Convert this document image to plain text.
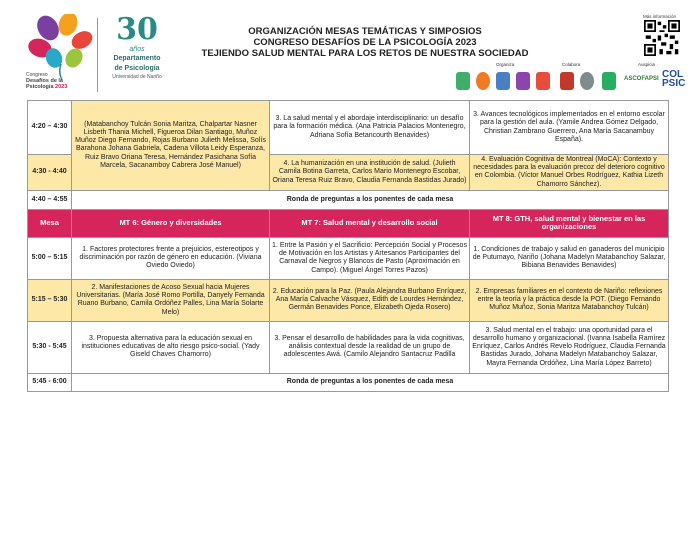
Congreso
Desafíos de la
Psicología 2023
30
años
Departamento
de Psicología
Universidad de Nariño
ORGANIZACIÓN MESAS TEMÁTICAS Y SIMPOSIOS
CONGRESO DESAFÍOS DE LA PSICOLOGÍA 2023
TEJIENDO SALUD MENTAL PARA LOS RETOS DE NUESTRA SOCIEDAD
Más información
Organiza	Colabora	Auspicia
ASCOFAPSI COL
PSIC
4:20 – 4:30	(Matabanchoy Tulcán Sonia Maritza, Chalpartar Nasner Lisbeth Thania Michell, Figueroa Dilan Santiago, Muñoz Muñoz Diego Fernando, Rojas Burbano Julieth Melissa, Solís Barahona Johana Gabriela, Cadena Villota Leidy Esperanza, Ruiz Bravo Oriana Teresa, Hernández Pasichana Sofía Marcela, Sacanamboy Cabrera José Manuel)	3. La salud mental y el abordaje interdisciplinario: un desafío para la formación médica. (Ana Patricia Palacios Montenegro, Adriana Sofía Betancourth Benavides)	3. Avances tecnológicos implementados en el entorno escolar para la gestión del aula. (Yamile Andrea Gómez Delgado, Christian Zambrano Guerrero, Ana María Sacanambuy España).
4:30 - 4:40		4. La humanización en una institución de salud. (Julieth Camila Botina Garreta, Carlos Mario Montenegro Escobar, Oriana Teresa Ruiz Bravo, Claudia Fernanda Bastidas Jurado)	4. Evaluación Cognitiva de Montreal (MoCA): Contexto y necesidades para la evaluación precoz del deterioro cognitivo en Colombia. (Víctor Manuel Orbes Rodríguez, Kathia Lizeth Chamorro Sánchez).
4:40 – 4:55	Ronda de preguntas a los ponentes de cada mesa		
Mesa	MT 6: Género y diversidades	MT 7: Salud mental y desarrollo social	MT 8: GTH, salud mental y bienestar en las organizaciones
5:00 – 5:15	1. Factores protectores frente a prejuicios, estereotipos y discriminación por razón de género en educación. (Viviana Oviedo Oviedo)	1. Entre la Pasión y el Sacrificio: Percepción Social y Procesos de Motivación en los Artistas y Artesanos Participantes del Carnaval de Negros y Blancos de Pasto (Aproximación en Campo). (Miguel Ángel Torres Pazos)	1. Condiciones de trabajo y salud en ganaderos del municipio de Putumayo, Nariño (Johana Madelyn Matabanchoy Salazar, Bibiana Benavides Benavides)
5:15 – 5:30	2. Manifestaciones de Acoso Sexual hacia Mujeres Universitarias. (María José Romo Portilla, Danyely Fernanda Ruano Burbano, Camila Ordóñez Palles, Lina María Solarte Melo)	2. Educación para la Paz. (Paula Alejandra Burbano Enríquez, Ana María Calvache Vásquez, Edith de Lourdes Hernández, Germán Benavides Ponce, Elizabeth Ojeda Rosero)	2. Empresas familiares en el contexto de Nariño: reflexiones entre la teoría y la práctica desde la POT. (Diego Fernando Muñoz Muñoz, Sonia Maritza Matabanchoy Tulcán)
5:30 - 5:45	3. Propuesta alternativa para la educación sexual en instituciones educativas de alto riesgo psico-social. (Yady Giseld Chaves Chamorro)	3. Pensar el desarrollo de habilidades para la vida cognitivas, análisis contextual desde la realidad de un grupo de adolescentes Awá. (Camilo Alejandro Santacruz Padilla	3. Salud mental en el trabajo: una oportunidad para el desarrollo humano y organizacional. (Ivanna Isabella Ramírez Enríquez, Carlos Andrés Revelo Rodríguez, Claudia Fernanda Bastidas Jurado, Johana Madelyn Matabanchoy Salazar, Mayra Fernanda Ordóñez, Lina María López Barreto)
5:45 - 6:00	Ronda de preguntas a los ponentes de cada mesa		
